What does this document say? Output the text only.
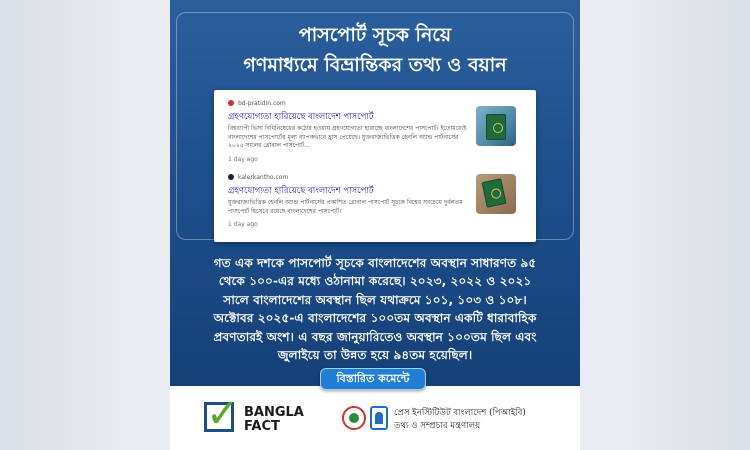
পাসপোর্ট সূচক নিয়ে
গণমাধ্যমে বিভ্রান্তিকর তথ্য ও বয়ান
bd-pratidin.com
গ্রহণযোগ্যতা হারিয়েছে বাংলাদেশ পাসপোর্ট
বিশ্বব্যাপী ভিসা বিধিনিষেধের কঠোর হওয়ায় গ্রহণযোগ্যতা হারাচ্ছে বাংলাদেশের পাসপোর্ট। ইতোমধ্যেই বাংলাদেশের পাসপোর্টের মূল্য ব্যাপকভাবে হ্রাস পেয়েছে। যুক্তরাজ্যভিত্তিক হেনলি অ্যান্ড পার্টনার্সের ২০২৫ সালের গ্লোবাল পাসপোর্ট...
1 day ago
kalerkantho.com
গ্রহণযোগ্যতা হারিয়েছে বাংলাদেশ পাসপোর্ট
যুক্তরাজ্যভিত্তিক হেনলি অ্যান্ড পার্টনার্সের প্রকাশিত গ্লোবাল পাসপোর্ট সূচকে বিশ্বের সবচেয়ে দুর্বলতম পাসপোর্ট হিসেবে রয়েছে বাংলাদেশের পাসপোর্ট।
1 day ago
গত এক দশকে পাসপোর্ট সূচকে বাংলাদেশের অবস্থান সাধারণত ৯৫
থেকে ১০০-এর মধ্যে ওঠানামা করেছে। ২০২৩, ২০২২ ও ২০২১
সালে বাংলাদেশের অবস্থান ছিল যথাক্রমে ১০১, ১০৩ ও ১০৮।
অক্টোবর ২০২৫-এ বাংলাদেশের ১০০তম অবস্থান একটি ধারাবাহিক
প্রবণতারই অংশ। এ বছর জানুয়ারিতেও অবস্থান ১০০তম ছিল এবং
জুলাইয়ে তা উন্নত হয়ে ৯৪তম হয়েছিল।
✓ BANGLA
FACT
প্রেস ইনস্টিটিউট বাংলাদেশ (পিআইবি)
তথ্য ও সম্প্রচার মন্ত্রণালয়
বিস্তারিত কমেন্টে
